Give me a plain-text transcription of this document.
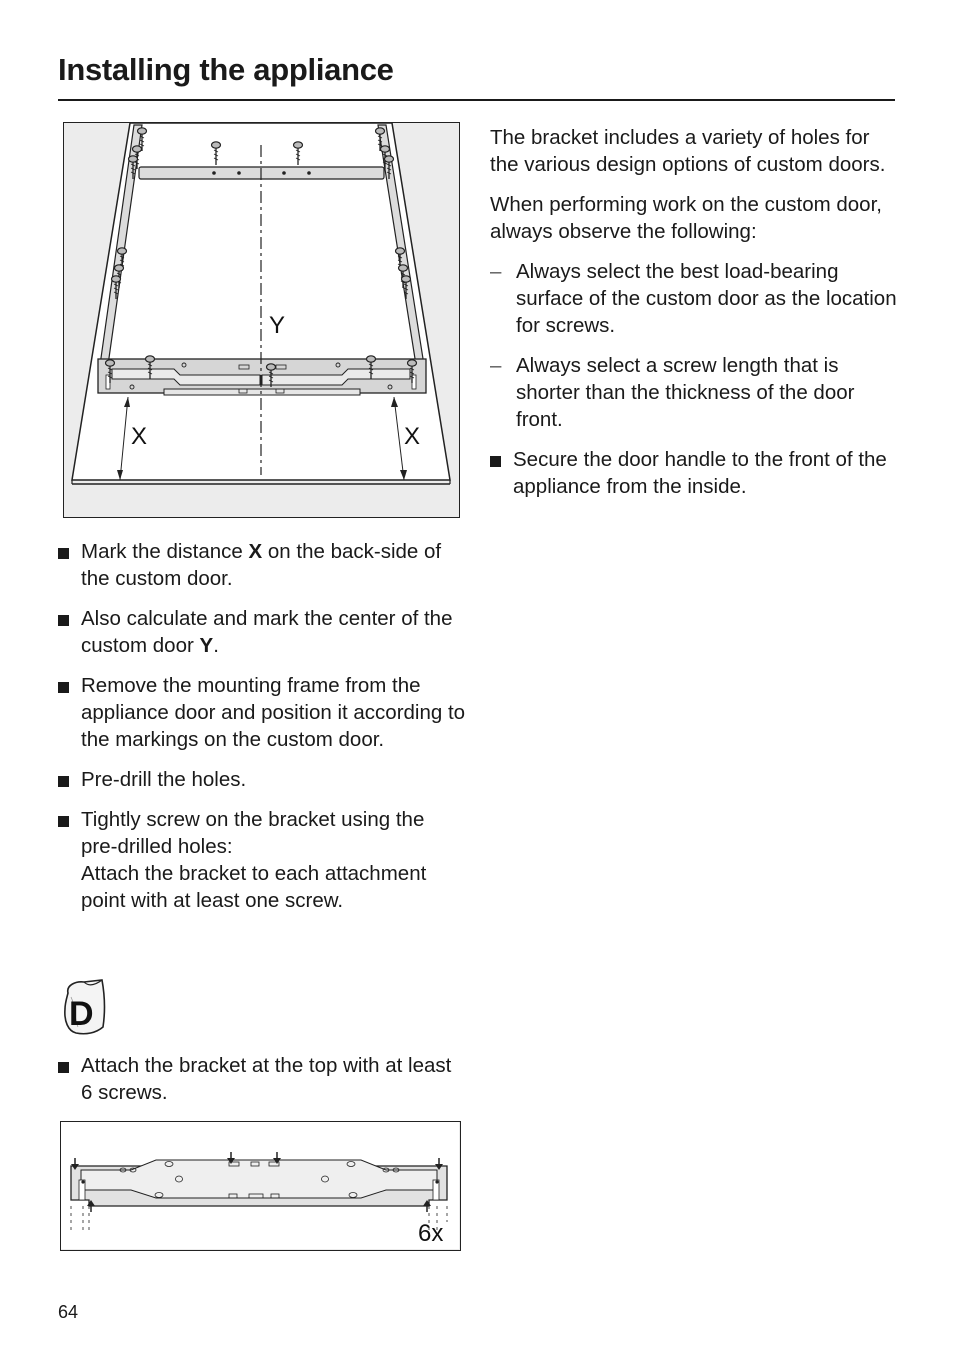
Installing the appliance
X	X
Y
Mark the distance X on the back-side of the custom door.
Also calculate and mark the center of the custom door Y.
Remove the mounting frame from the appliance door and position it according to the markings on the custom door.
Pre-drill the holes.
Tightly screw on the bracket using the pre-drilled holes:
Attach the bracket to each attachment point with at least one screw.
D
Attach the bracket at the top with at least 6 screws.
6x

The bracket includes a variety of holes for the various design options of custom doors.

When performing work on the custom door, always observe the following:

– Always select the best load-bearing surface of the custom door as the location for screws.
– Always select a screw length that is shorter than the thickness of the door front.
Secure the door handle to the front of the appliance from the inside.
64
